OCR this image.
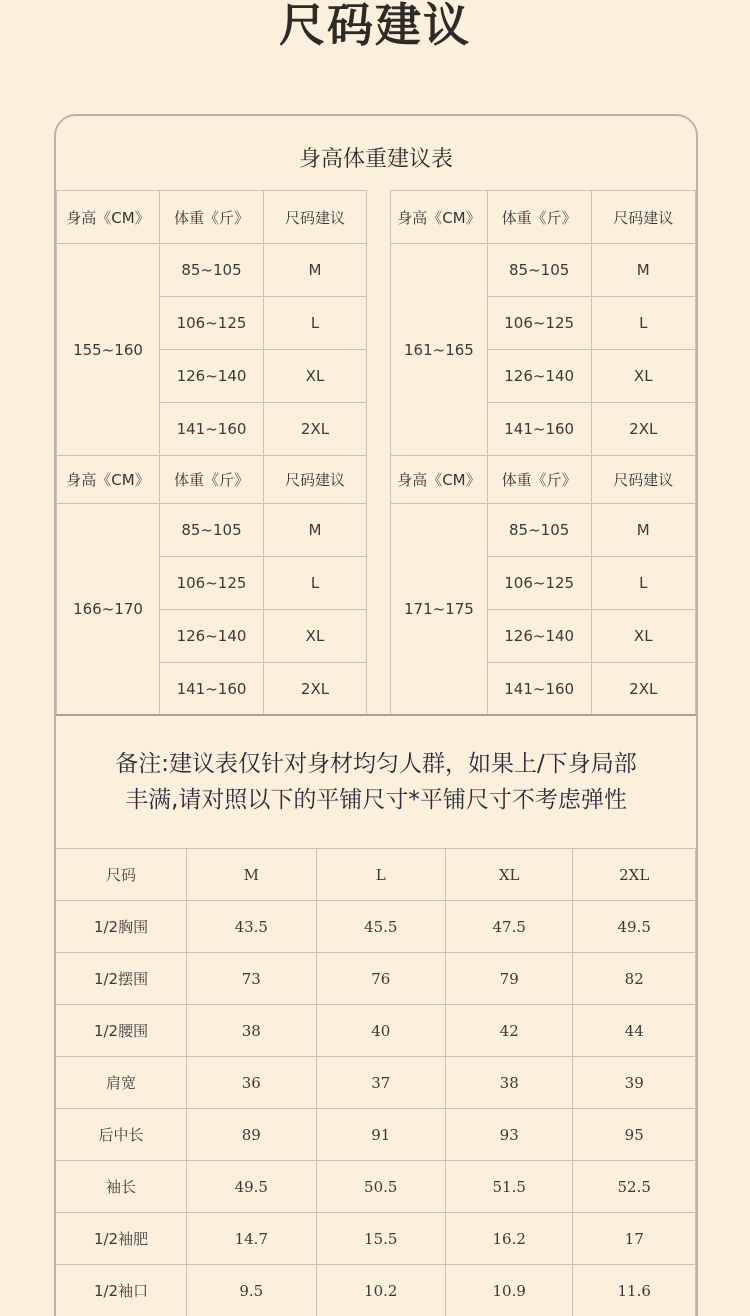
尺码建议
身高体重建议表
身高《CM》	体重《斤》	尺码建议
155~160	85~105	M
	106~125	L
	126~140	XL
	141~160	2XL
身高《CM》	体重《斤》	尺码建议
161~165	85~105	M
	106~125	L
	126~140	XL
	141~160	2XL
身高《CM》	体重《斤》	尺码建议
166~170	85~105	M
	106~125	L
	126~140	XL
	141~160	2XL
身高《CM》	体重《斤》	尺码建议
171~175	85~105	M
	106~125	L
	126~140	XL
	141~160	2XL
备注:建议表仅针对身材均匀人群，如果上/下身局部
丰满,请对照以下的平铺尺寸*平铺尺寸不考虑弹性
尺码	M	L	XL	2XL
1/2胸围	43.5	45.5	47.5	49.5
1/2摆围	73	76	79	82
1/2腰围	38	40	42	44
肩宽	36	37	38	39
后中长	89	91	93	95
袖长	49.5	50.5	51.5	52.5
1/2袖肥	14.7	15.5	16.2	17
1/2袖口	9.5	10.2	10.9	11.6
